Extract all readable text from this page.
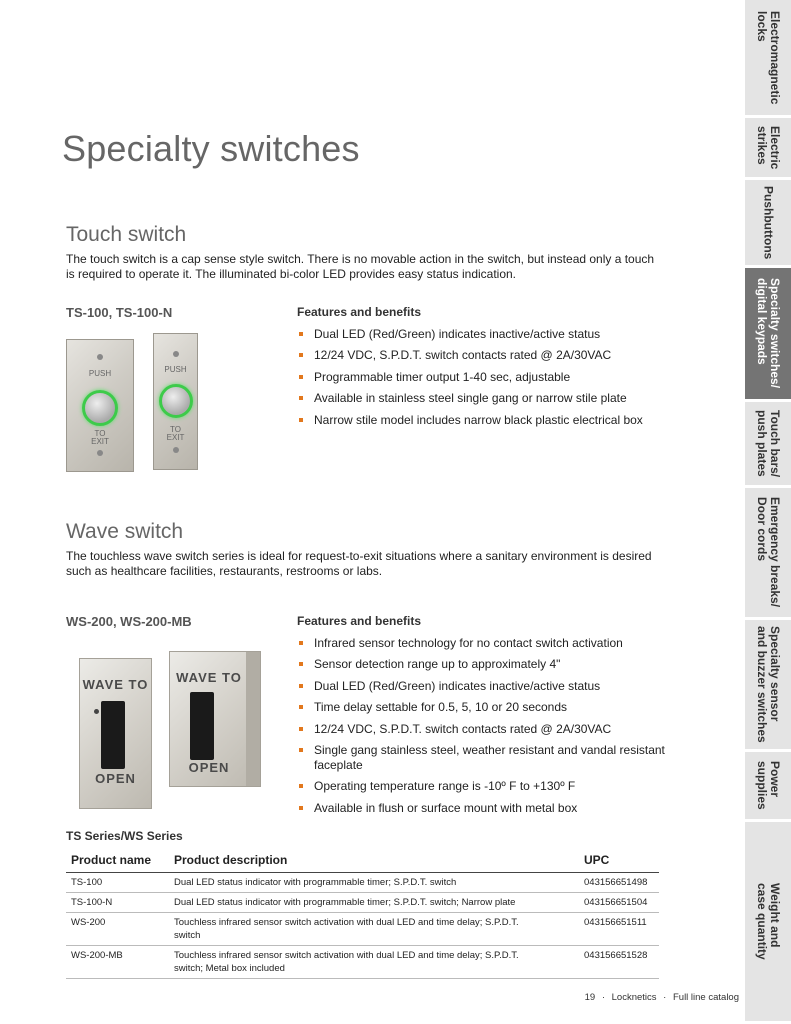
Specialty switches
Touch switch

The touch switch is a cap sense style switch. There is no movable action in the switch, but instead only a touch is required to operate it. The illuminated bi-color LED provides easy status indication.

TS-100, TS-100-N
PUSH
TO
EXIT
PUSH
TO
EXIT
Features and benefits
Dual LED (Red/Green) indicates inactive/active status
12/24 VDC, S.P.D.T. switch contacts rated @ 2A/30VAC
Programmable timer output 1-40 sec, adjustable
Available in stainless steel single gang or narrow stile plate
Narrow stile model includes narrow black plastic electrical box
Wave switch

The touchless wave switch series is ideal for request-to-exit situations where a sanitary environment is desired such as healthcare facilities, restaurants, restrooms or labs.

WS-200, WS-200-MB
WAVE TO
OPEN
WAVE TO
OPEN
Features and benefits
Infrared sensor technology for no contact switch activation
Sensor detection range up to approximately 4"
Dual LED (Red/Green) indicates inactive/active status
Time delay settable for 0.5, 5, 10 or 20 seconds
12/24 VDC, S.P.D.T. switch contacts rated @ 2A/30VAC
Single gang stainless steel, weather resistant and vandal resistant faceplate
Operating temperature range is -10º F to +130º F
Available in flush or surface mount with metal box
TS Series/WS Series
Product name	Product description	UPC
TS-100	Dual LED status indicator with programmable timer; S.P.D.T. switch	043156651498
TS-100-N	Dual LED status indicator with programmable timer; S.P.D.T. switch; Narrow plate	043156651504
WS-200	Touchless infrared sensor switch activation with dual LED and time delay; S.P.D.T. switch	043156651511
WS-200-MB	Touchless infrared sensor switch activation with dual LED and time delay; S.P.D.T. switch; Metal box included	043156651528
19 · Locknetics · Full line catalog
Electromagnetic
locks
Electric
strikes
Pushbuttons
Specialty switches/
digital keypads
Touch bars/
push plates
Emergency breaks/
Door cords
Specialty sensor
and buzzer switches
Power
supplies
Weight and
case quantity
